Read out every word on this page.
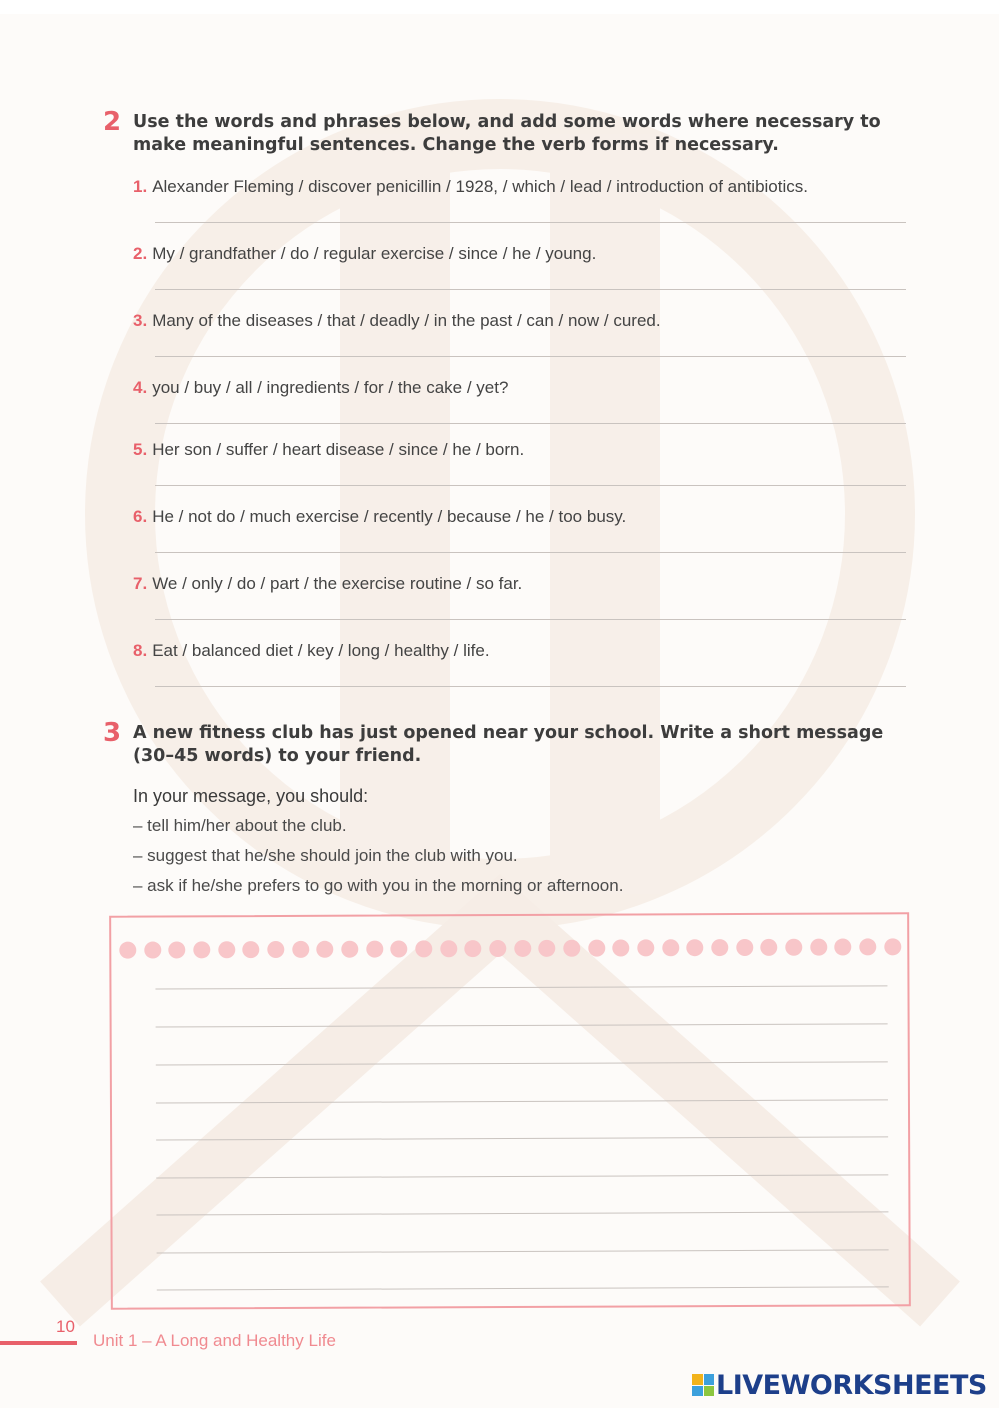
2 Use the words and phrases below, and add some words where necessary to
make meaningful sentences. Change the verb forms if necessary.
1. Alexander Fleming / discover penicillin / 1928, / which / lead / introduction of antibiotics.
2. My / grandfather / do / regular exercise / since / he / young.
3. Many of the diseases / that / deadly / in the past / can / now / cured.
4. you / buy / all / ingredients / for / the cake / yet?
5. Her son / suffer / heart disease / since / he / born.
6. He / not do / much exercise / recently / because / he / too busy.
7. We / only / do / part / the exercise routine / so far.
8. Eat / balanced diet / key / long / healthy / life.
3 A new fitness club has just opened near your school. Write a short message
(30–45 words) to your friend.
In your message, you should:
– tell him/her about the club.
– suggest that he/she should join the club with you.
– ask if he/she prefers to go with you in the morning or afternoon.
10
Unit 1 – A Long and Healthy Life
LIVEWORKSHEETS
